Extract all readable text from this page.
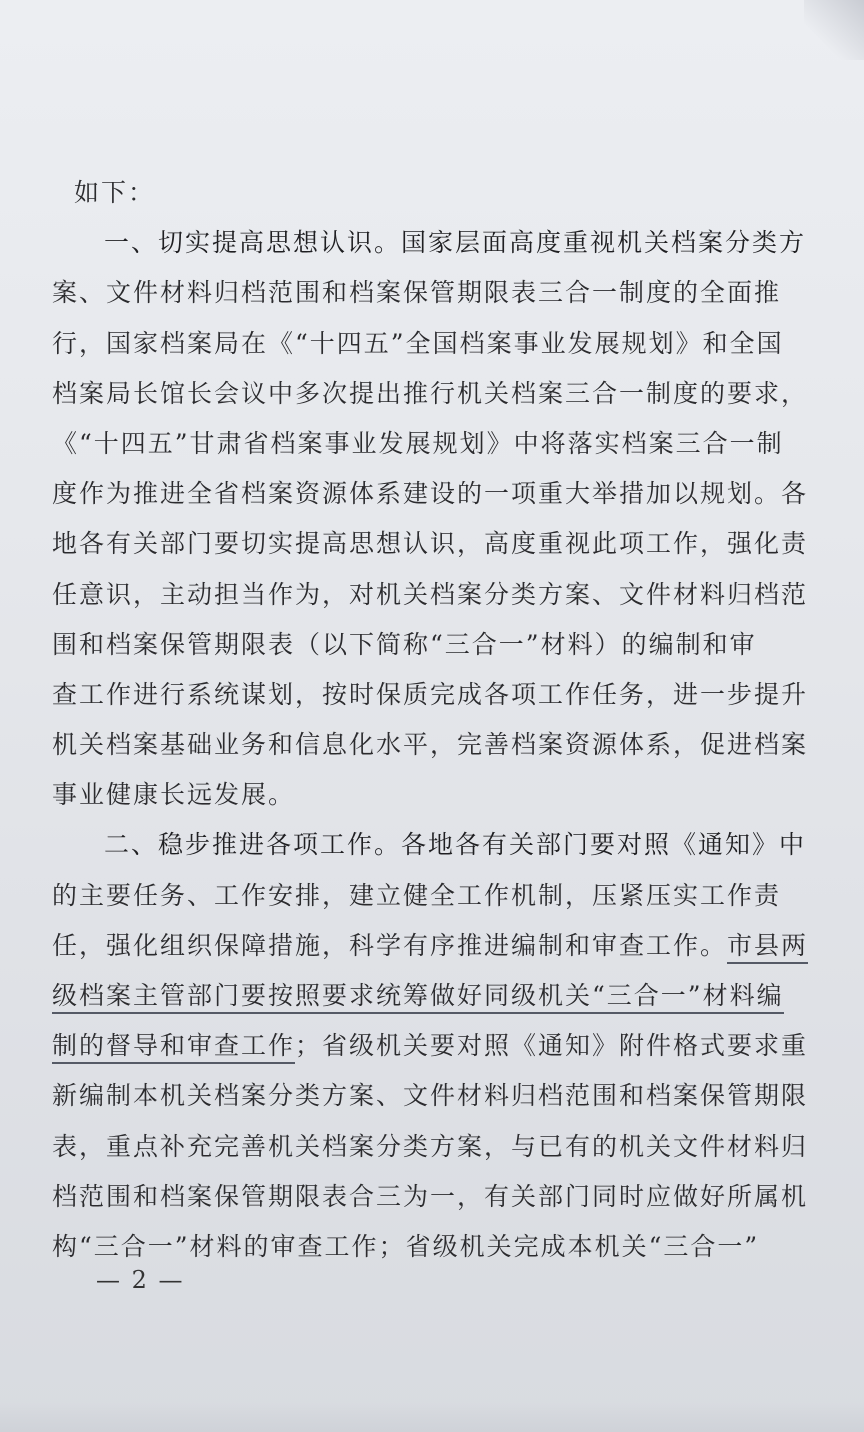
如下：
一、切实提高思想认识。国家层面高度重视机关档案分类方
案、文件材料归档范围和档案保管期限表三合一制度的全面推
行，国家档案局在《“十四五”全国档案事业发展规划》和全国
档案局长馆长会议中多次提出推行机关档案三合一制度的要求，
《“十四五”甘肃省档案事业发展规划》中将落实档案三合一制
度作为推进全省档案资源体系建设的一项重大举措加以规划。各
地各有关部门要切实提高思想认识，高度重视此项工作，强化责
任意识，主动担当作为，对机关档案分类方案、文件材料归档范
围和档案保管期限表（以下简称“三合一”材料）的编制和审
查工作进行系统谋划，按时保质完成各项工作任务，进一步提升
机关档案基础业务和信息化水平，完善档案资源体系，促进档案
事业健康长远发展。
二、稳步推进各项工作。各地各有关部门要对照《通知》中
的主要任务、工作安排，建立健全工作机制，压紧压实工作责
任，强化组织保障措施，科学有序推进编制和审查工作。市县两
级档案主管部门要按照要求统筹做好同级机关“三合一”材料编
制的督导和审查工作；省级机关要对照《通知》附件格式要求重
新编制本机关档案分类方案、文件材料归档范围和档案保管期限
表，重点补充完善机关档案分类方案，与已有的机关文件材料归
档范围和档案保管期限表合三为一，有关部门同时应做好所属机
构“三合一”材料的审查工作；省级机关完成本机关“三合一”
— 2 —
